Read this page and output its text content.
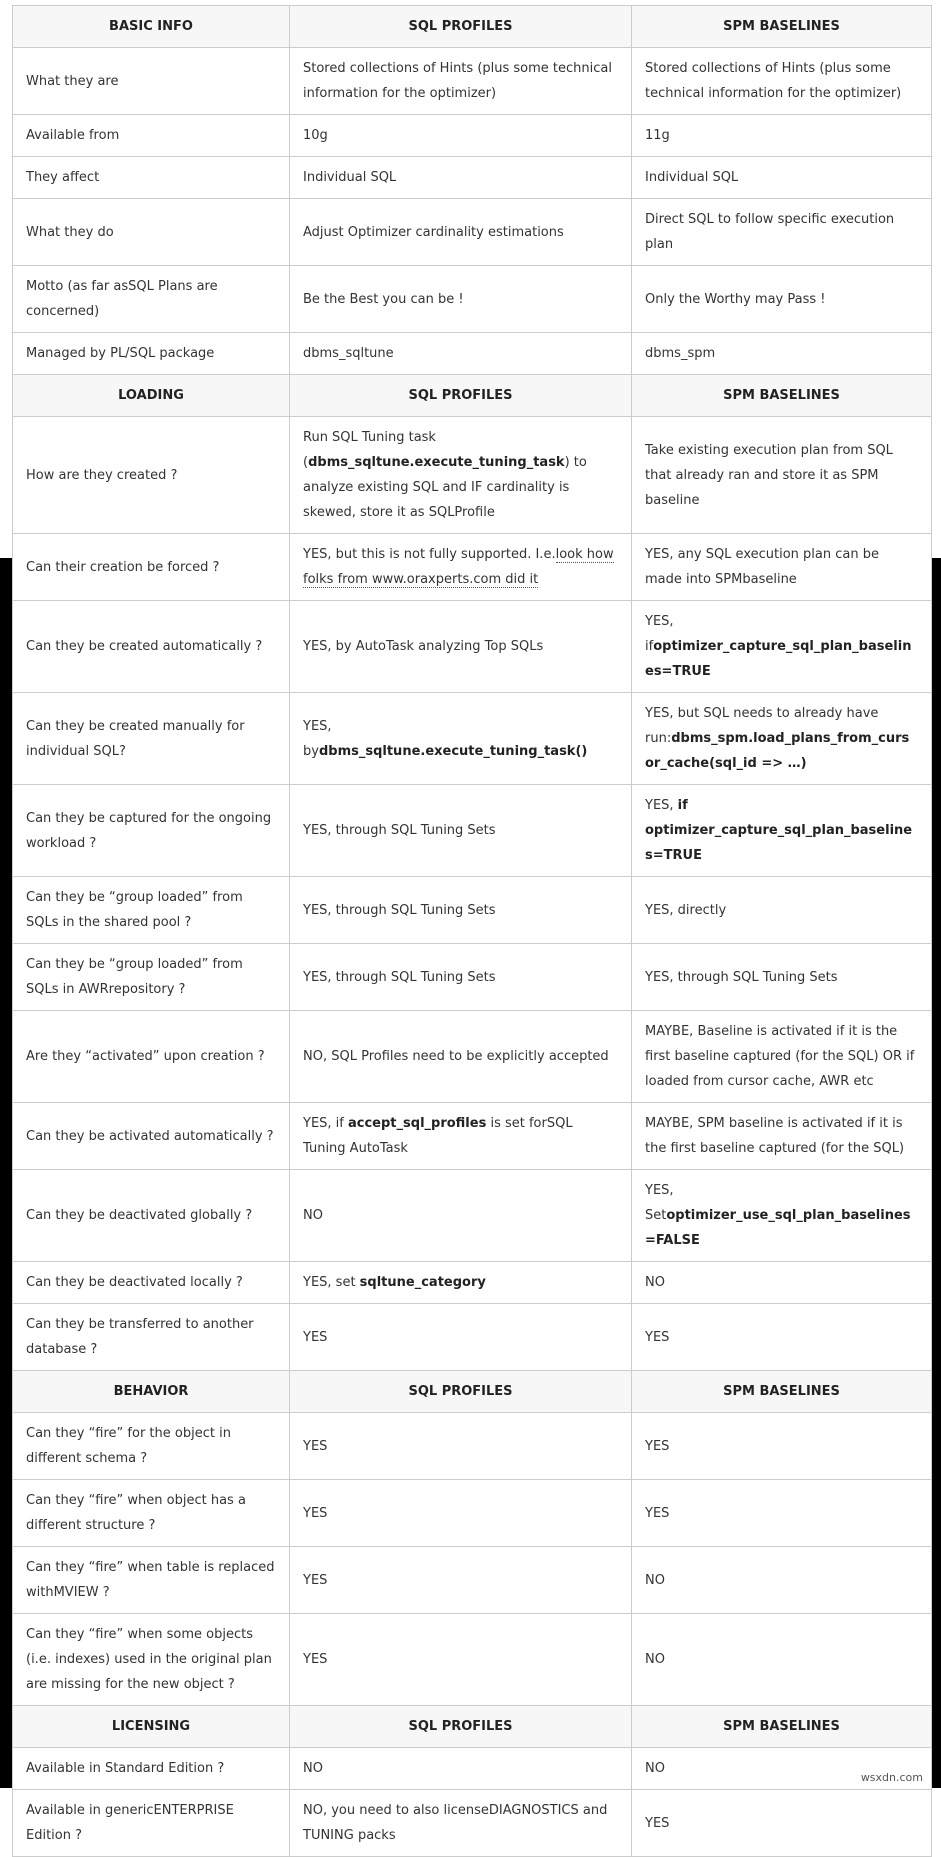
BASIC INFO	SQL PROFILES	SPM BASELINES
What they are	Stored collections of Hints (plus some technical information for the optimizer)	Stored collections of Hints (plus some technical information for the optimizer)
Available from	10g	11g
They affect	Individual SQL	Individual SQL
What they do	Adjust Optimizer cardinality estimations	Direct SQL to follow specific execution plan
Motto (as far asSQL Plans are concerned)	Be the Best you can be !	Only the Worthy may Pass !
Managed by PL/SQL package	dbms_sqltune	dbms_spm
LOADING	SQL PROFILES	SPM BASELINES
How are they created ?	Run SQL Tuning task (dbms_sqltune.execute_tuning_task) to analyze existing SQL and IF cardinality is skewed, store it as SQLProfile	Take existing execution plan from SQL that already ran and store it as SPM baseline
Can their creation be forced ?	YES, but this is not fully supported. I.e.look how folks from www.oraxperts.com did it	YES, any SQL execution plan can be made into SPMbaseline
Can they be created automatically ?	YES, by AutoTask analyzing Top SQLs	YES, ifoptimizer_capture_sql_plan_baselines=TRUE
Can they be created manually for individual SQL?	YES, bydbms_sqltune.execute_tuning_task()	YES, but SQL needs to already have run:dbms_spm.load_plans_from_cursor_cache(sql_id => …)
Can they be captured for the ongoing workload ?	YES, through SQL Tuning Sets	YES, if optimizer_capture_sql_plan_baselines=TRUE
Can they be “group loaded” from SQLs in the shared pool ?	YES, through SQL Tuning Sets	YES, directly
Can they be “group loaded” from SQLs in AWRrepository ?	YES, through SQL Tuning Sets	YES, through SQL Tuning Sets
Are they “activated” upon creation ?	NO, SQL Profiles need to be explicitly accepted	MAYBE, Baseline is activated if it is the first baseline captured (for the SQL) OR if loaded from cursor cache, AWR etc
Can they be activated automatically ?	YES, if accept_sql_profiles is set forSQL Tuning AutoTask	MAYBE, SPM baseline is activated if it is the first baseline captured (for the SQL)
Can they be deactivated globally ?	NO	YES, Setoptimizer_use_sql_plan_baselines=FALSE
Can they be deactivated locally ?	YES, set sqltune_category	NO
Can they be transferred to another database ?	YES	YES
BEHAVIOR	SQL PROFILES	SPM BASELINES
Can they “fire” for the object in different schema ?	YES	YES
Can they “fire” when object has a different structure ?	YES	YES
Can they “fire” when table is replaced withMVIEW ?	YES	NO
Can they “fire” when some objects (i.e. indexes) used in the original plan are missing for the new object ?	YES	NO
LICENSING	SQL PROFILES	SPM BASELINES
Available in Standard Edition ?	NO	NO
Available in genericENTERPRISE Edition ?	NO, you need to also licenseDIAGNOSTICS and TUNING packs	YES
wsxdn.com
